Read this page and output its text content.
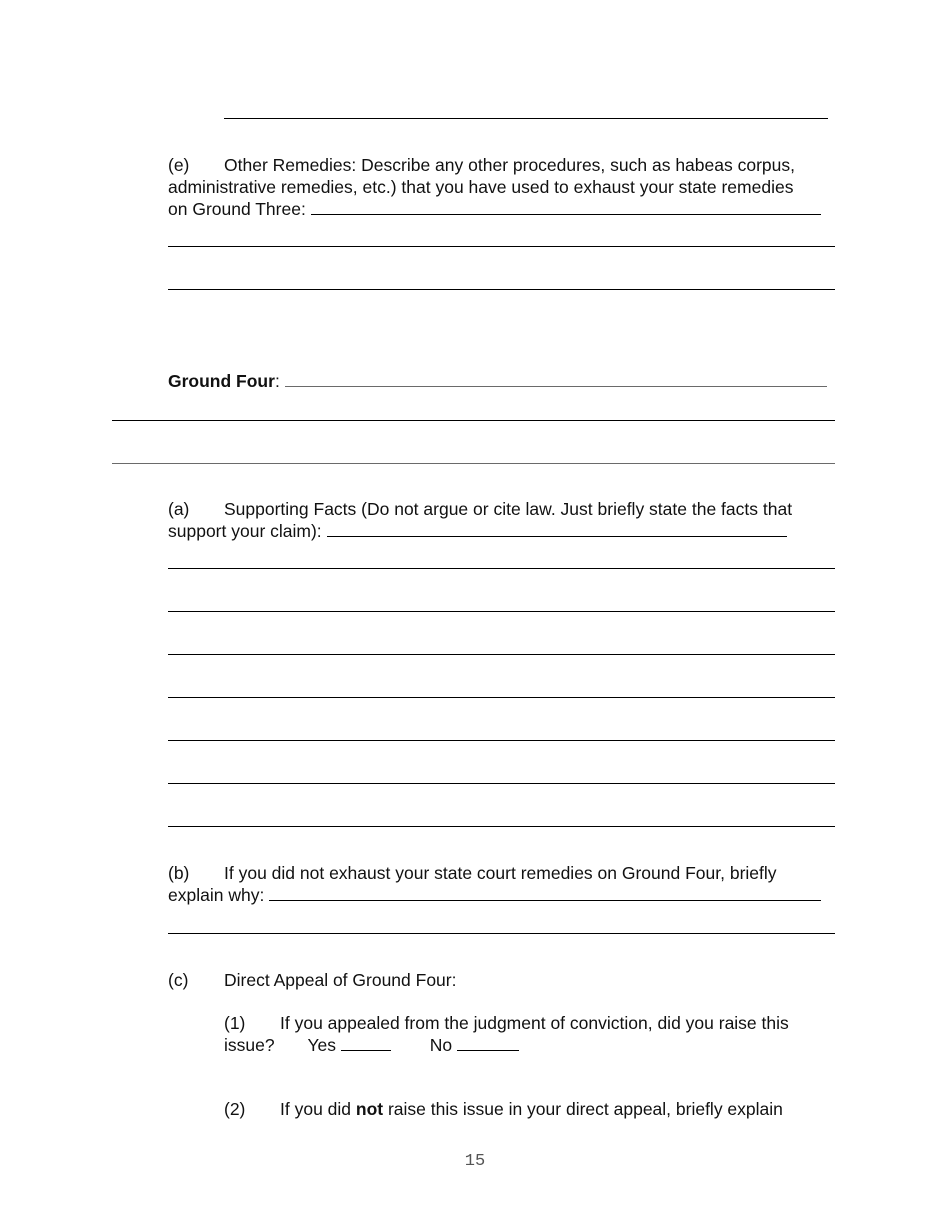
(e) Other Remedies: Describe any other procedures, such as habeas corpus,
administrative remedies, etc.) that you have used to exhaust your state remedies
on Ground Three:
Ground Four:
(a) Supporting Facts (Do not argue or cite law. Just briefly state the facts that
support your claim):
(b) If you did not exhaust your state court remedies on Ground Four, briefly
explain why:
(c) Direct Appeal of Ground Four:
(1) If you appealed from the judgment of conviction, did you raise this
issue? Yes	No
(2) If you did not raise this issue in your direct appeal, briefly explain
15
